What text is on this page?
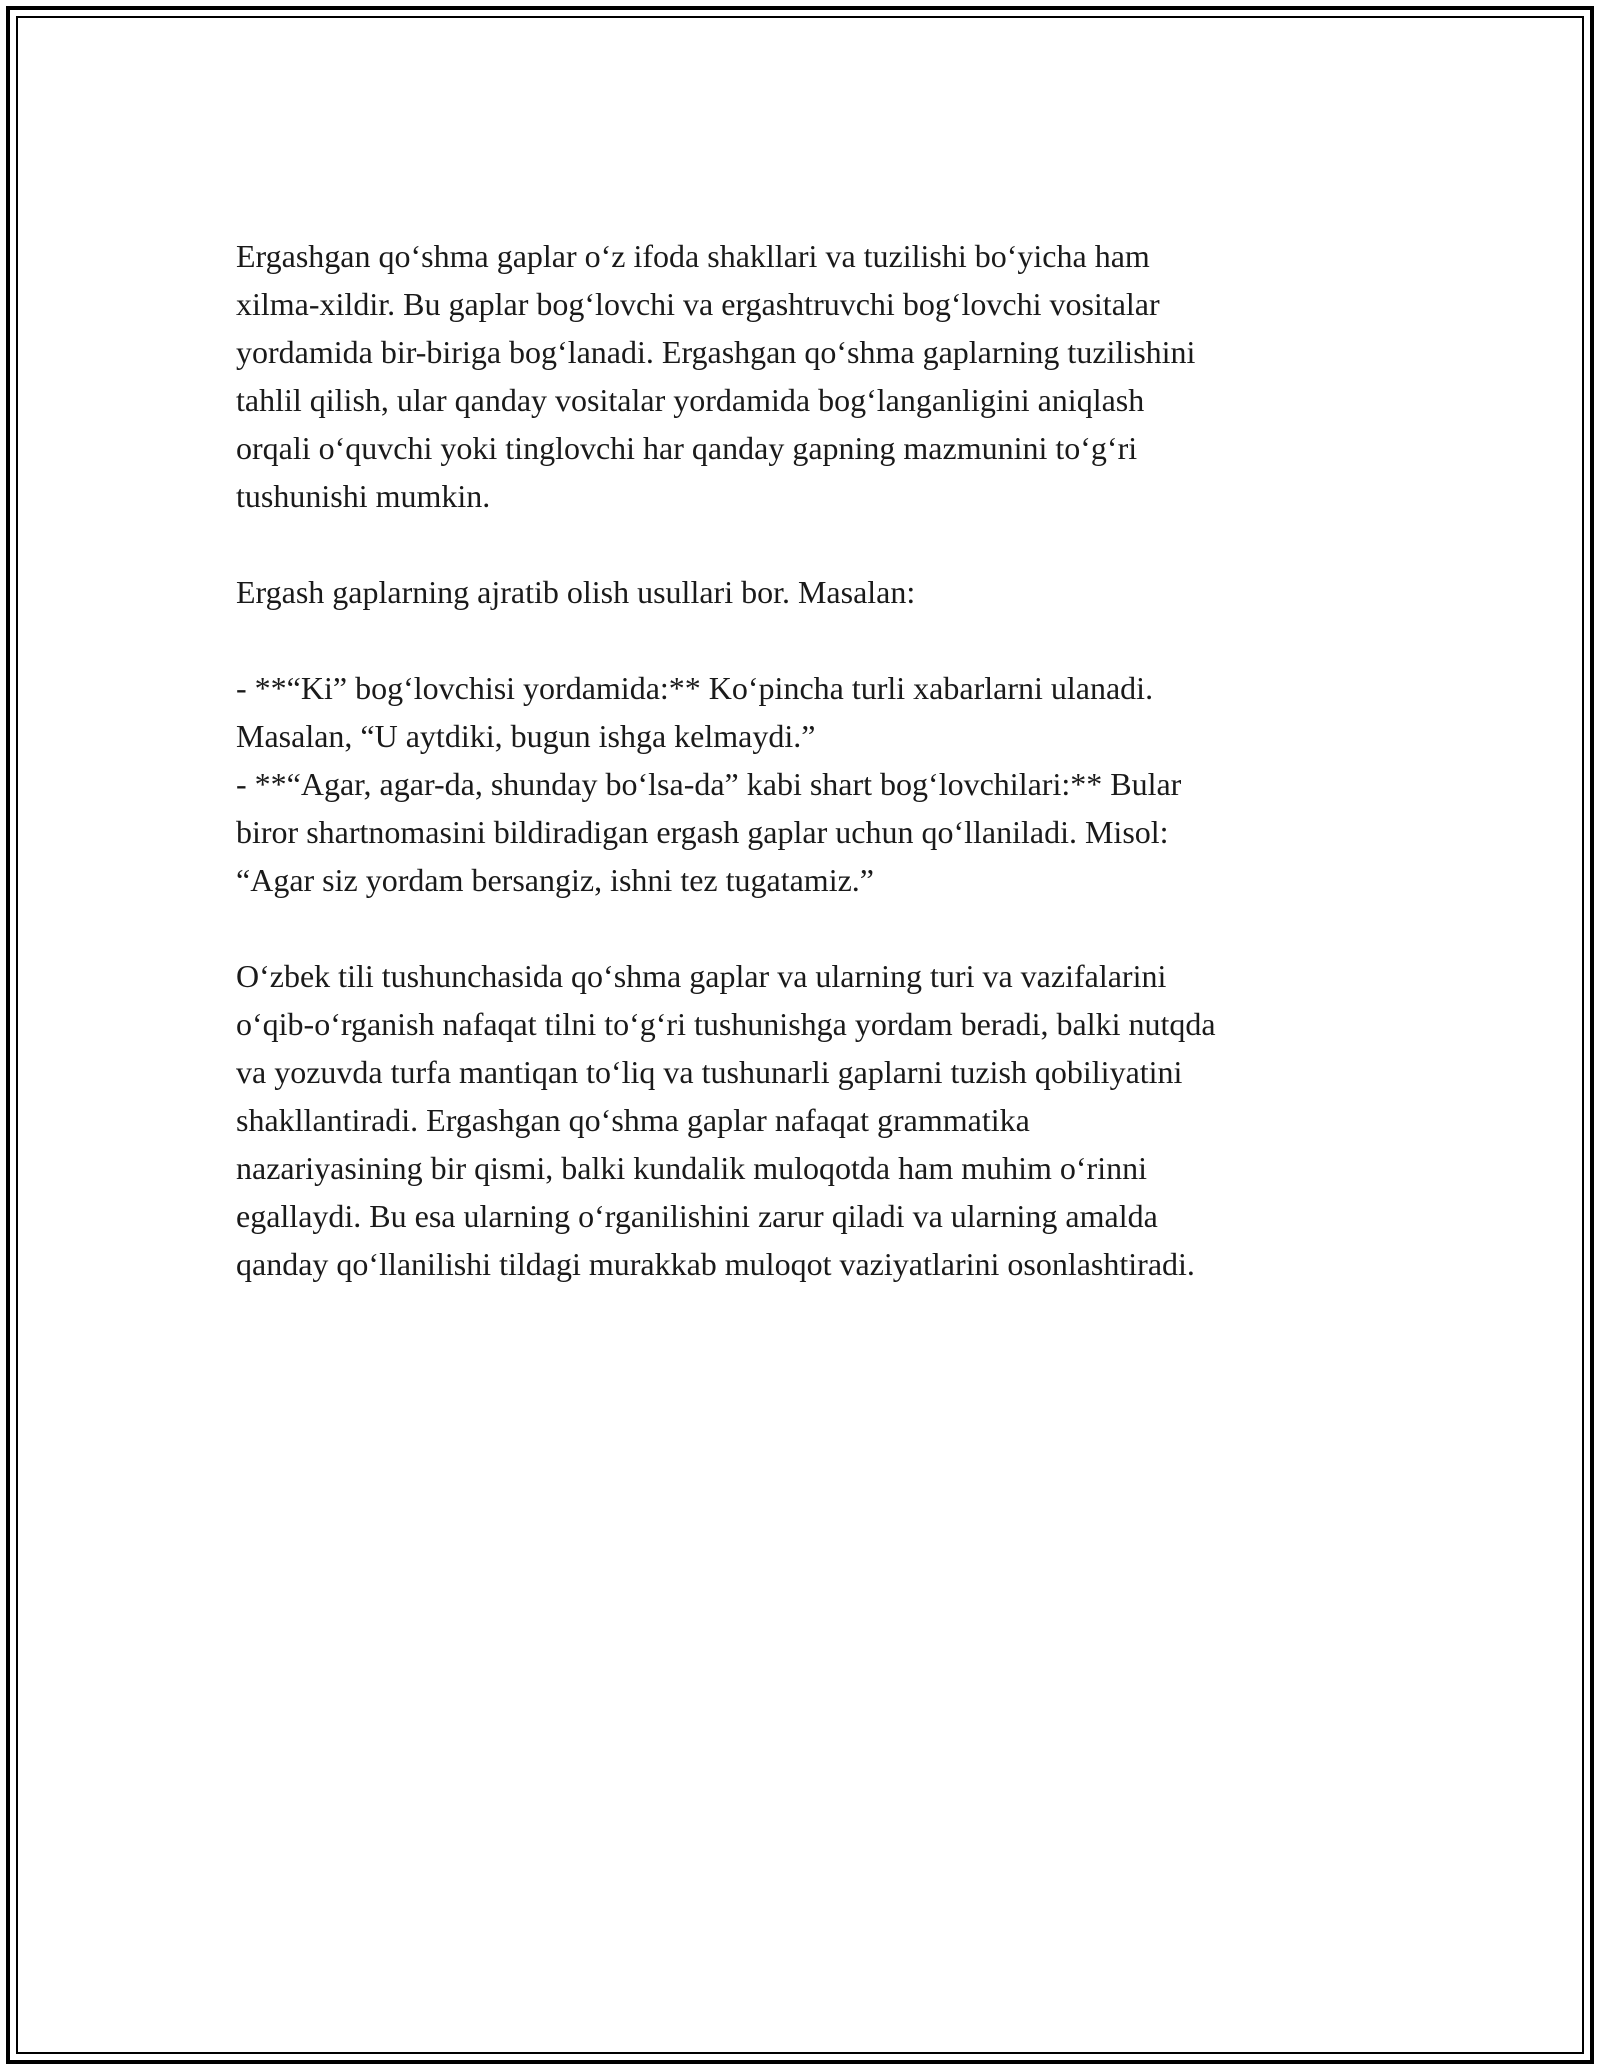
Ergashgan qo‘shma gaplar o‘z ifoda shakllari va tuzilishi bo‘yicha ham
xilma-xildir. Bu gaplar bog‘lovchi va ergashtruvchi bog‘lovchi vositalar
yordamida bir-biriga bog‘lanadi. Ergashgan qo‘shma gaplarning tuzilishini
tahlil qilish, ular qanday vositalar yordamida bog‘langanligini aniqlash
orqali o‘quvchi yoki tinglovchi har qanday gapning mazmunini to‘g‘ri
tushunishi mumkin.

Ergash gaplarning ajratib olish usullari bor. Masalan:

- **“Ki” bog‘lovchisi yordamida:** Ko‘pincha turli xabarlarni ulanadi.
Masalan, “U aytdiki, bugun ishga kelmaydi.”

- **“Agar, agar-da, shunday bo‘lsa-da” kabi shart bog‘lovchilari:** Bular
biror shartnomasini bildiradigan ergash gaplar uchun qo‘llaniladi. Misol:
“Agar siz yordam bersangiz, ishni tez tugatamiz.”

O‘zbek tili tushunchasida qo‘shma gaplar va ularning turi va vazifalarini
o‘qib-o‘rganish nafaqat tilni to‘g‘ri tushunishga yordam beradi, balki nutqda
va yozuvda turfa mantiqan to‘liq va tushunarli gaplarni tuzish qobiliyatini
shakllantiradi. Ergashgan qo‘shma gaplar nafaqat grammatika
nazariyasining bir qismi, balki kundalik muloqotda ham muhim o‘rinni
egallaydi. Bu esa ularning o‘rganilishini zarur qiladi va ularning amalda
qanday qo‘llanilishi tildagi murakkab muloqot vaziyatlarini osonlashtiradi.
